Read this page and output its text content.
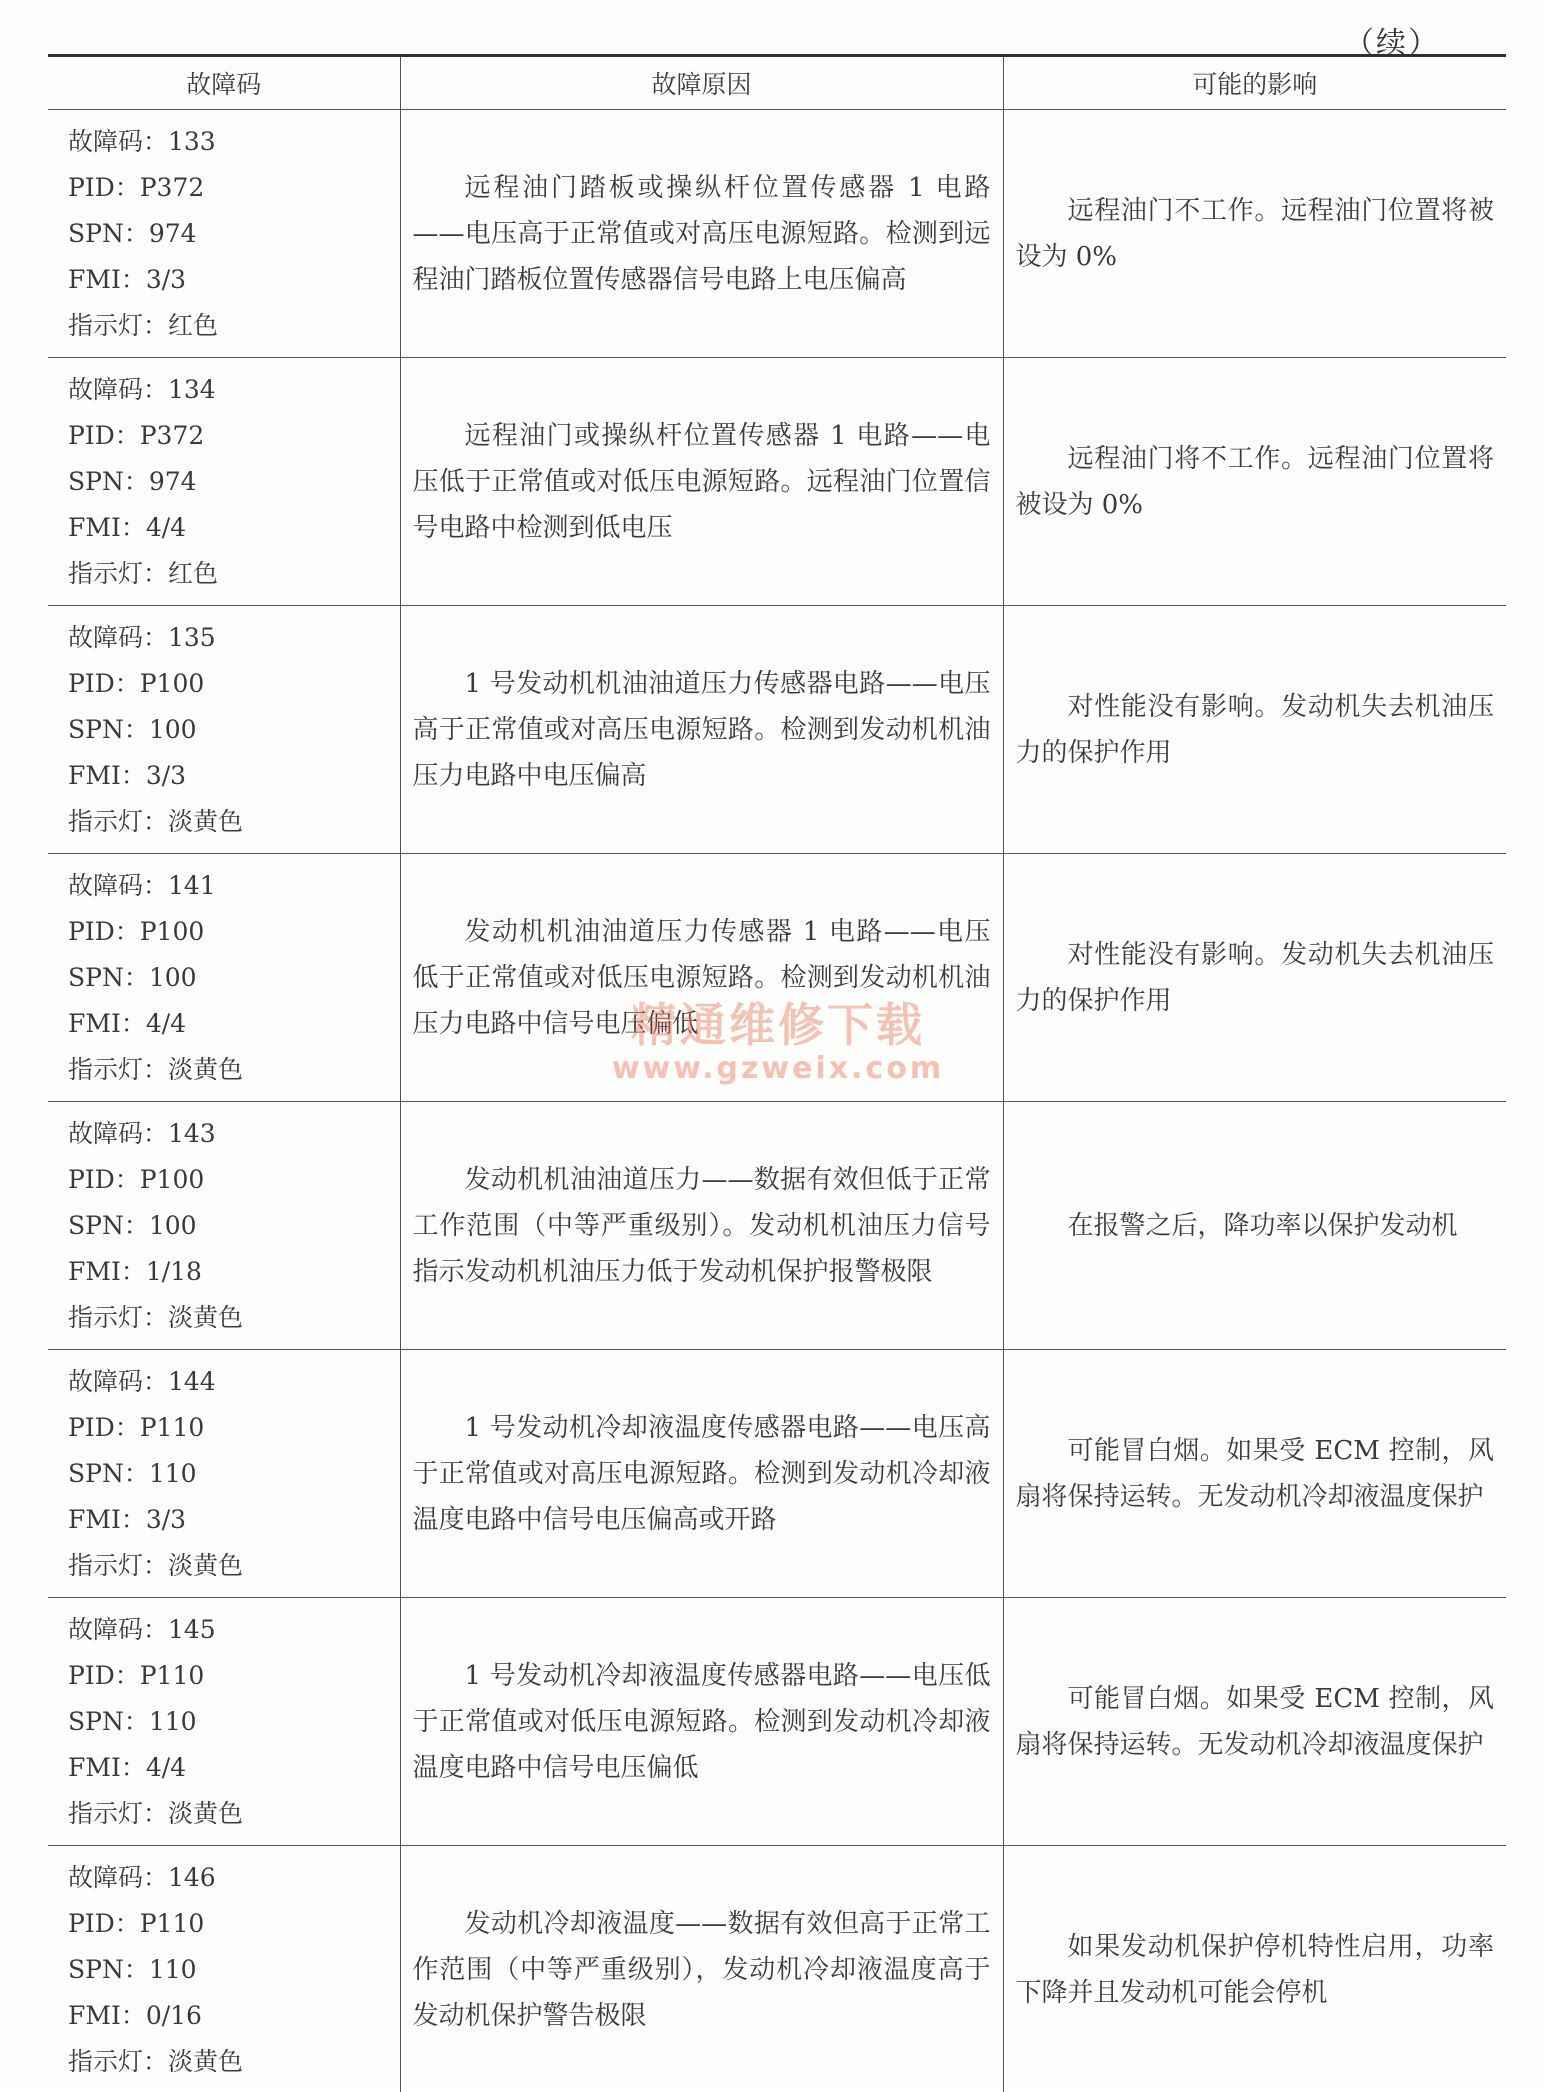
（续）
故障码	故障原因	可能的影响

故障码：133
PID：P372
SPN：974
FMI：3/3
指示灯：红色	远程油门踏板或操纵杆位置传感器 1 电路——电压高于正常值或对高压电源短路。检测到远程油门踏板位置传感器信号电路上电压偏高	远程油门不工作。远程油门位置将被设为 0%

故障码：134
PID：P372
SPN：974
FMI：4/4
指示灯：红色	远程油门或操纵杆位置传感器 1 电路——电压低于正常值或对低压电源短路。远程油门位置信号电路中检测到低电压	远程油门将不工作。远程油门位置将被设为 0%

故障码：135
PID：P100
SPN：100
FMI：3/3
指示灯：淡黄色	1 号发动机机油油道压力传感器电路——电压高于正常值或对高压电源短路。检测到发动机机油压力电路中电压偏高	对性能没有影响。发动机失去机油压力的保护作用

故障码：141
PID：P100
SPN：100
FMI：4/4
指示灯：淡黄色	发动机机油油道压力传感器 1 电路——电压低于正常值或对低压电源短路。检测到发动机机油压力电路中信号电压偏低	对性能没有影响。发动机失去机油压力的保护作用

故障码：143
PID：P100
SPN：100
FMI：1/18
指示灯：淡黄色	发动机机油油道压力——数据有效但低于正常工作范围（中等严重级别）。发动机机油压力信号指示发动机机油压力低于发动机保护报警极限	在报警之后，降功率以保护发动机

故障码：144
PID：P110
SPN：110
FMI：3/3
指示灯：淡黄色	1 号发动机冷却液温度传感器电路——电压高于正常值或对高压电源短路。检测到发动机冷却液温度电路中信号电压偏高或开路	可能冒白烟。如果受 ECM 控制，风扇将保持运转。无发动机冷却液温度保护

故障码：145
PID：P110
SPN：110
FMI：4/4
指示灯：淡黄色	1 号发动机冷却液温度传感器电路——电压低于正常值或对低压电源短路。检测到发动机冷却液温度电路中信号电压偏低	可能冒白烟。如果受 ECM 控制，风扇将保持运转。无发动机冷却液温度保护

故障码：146
PID：P110
SPN：110
FMI：0/16
指示灯：淡黄色	发动机冷却液温度——数据有效但高于正常工作范围（中等严重级别），发动机冷却液温度高于发动机保护警告极限	如果发动机保护停机特性启用，功率下降并且发动机可能会停机
精通维修下载
www.gzweix.com
